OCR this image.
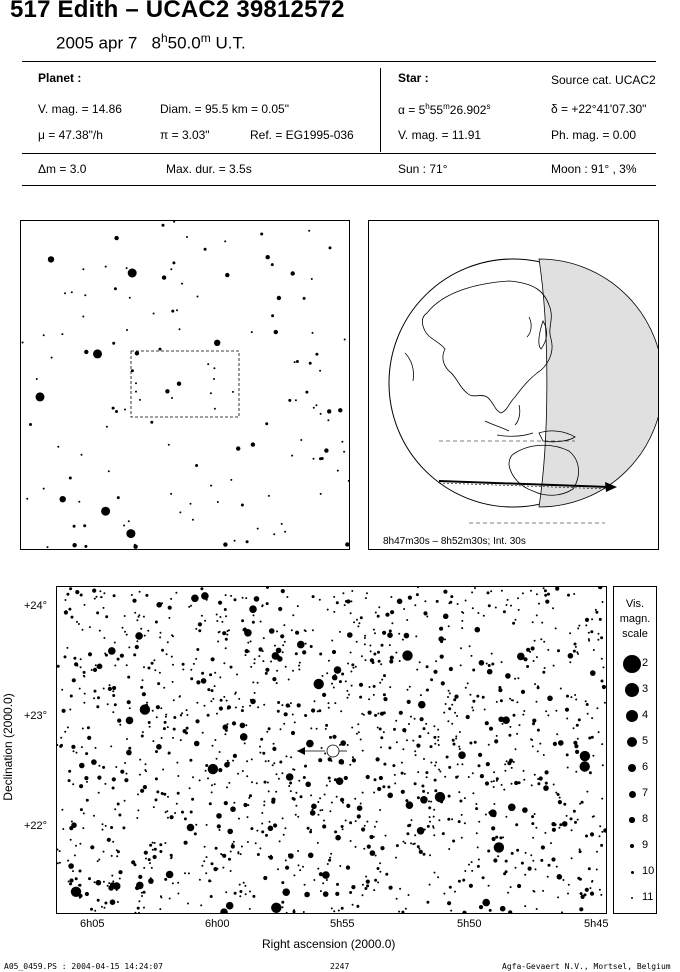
517 Edith – UCAC2 39812572
2005 apr 7 8$^h$50.0$^m$ U.T.
Planet :
V. mag. = 14.86	Diam. = 95.5 km = 0.05"
μ = 47.38"/h	π = 3.03"	Ref. = EG1995-036
Star :	Source cat. UCAC2
$\alpha = 5^h55^m26.902^s$	δ = +22°41'07.30"
V. mag. = 11.91	Ph. mag. = 0.00
Δm = 3.0	Max. dur. = 3.5s	Sun : 71°	Moon : 91° , 3%
8h47m30s – 8h52m30s; Int. 30s
+24°
+23°
+22°
6h05	6h00	5h55	5h50	5h45
Right ascension (2000.0)
Declination (2000.0)
Vis.
magn.
scale
2
3
4
5
6
7
8
9
10
11
A05_0459.PS : 2004-04-15 14:24:07	2247	Agfa-Gevaert N.V., Mortsel, Belgium
